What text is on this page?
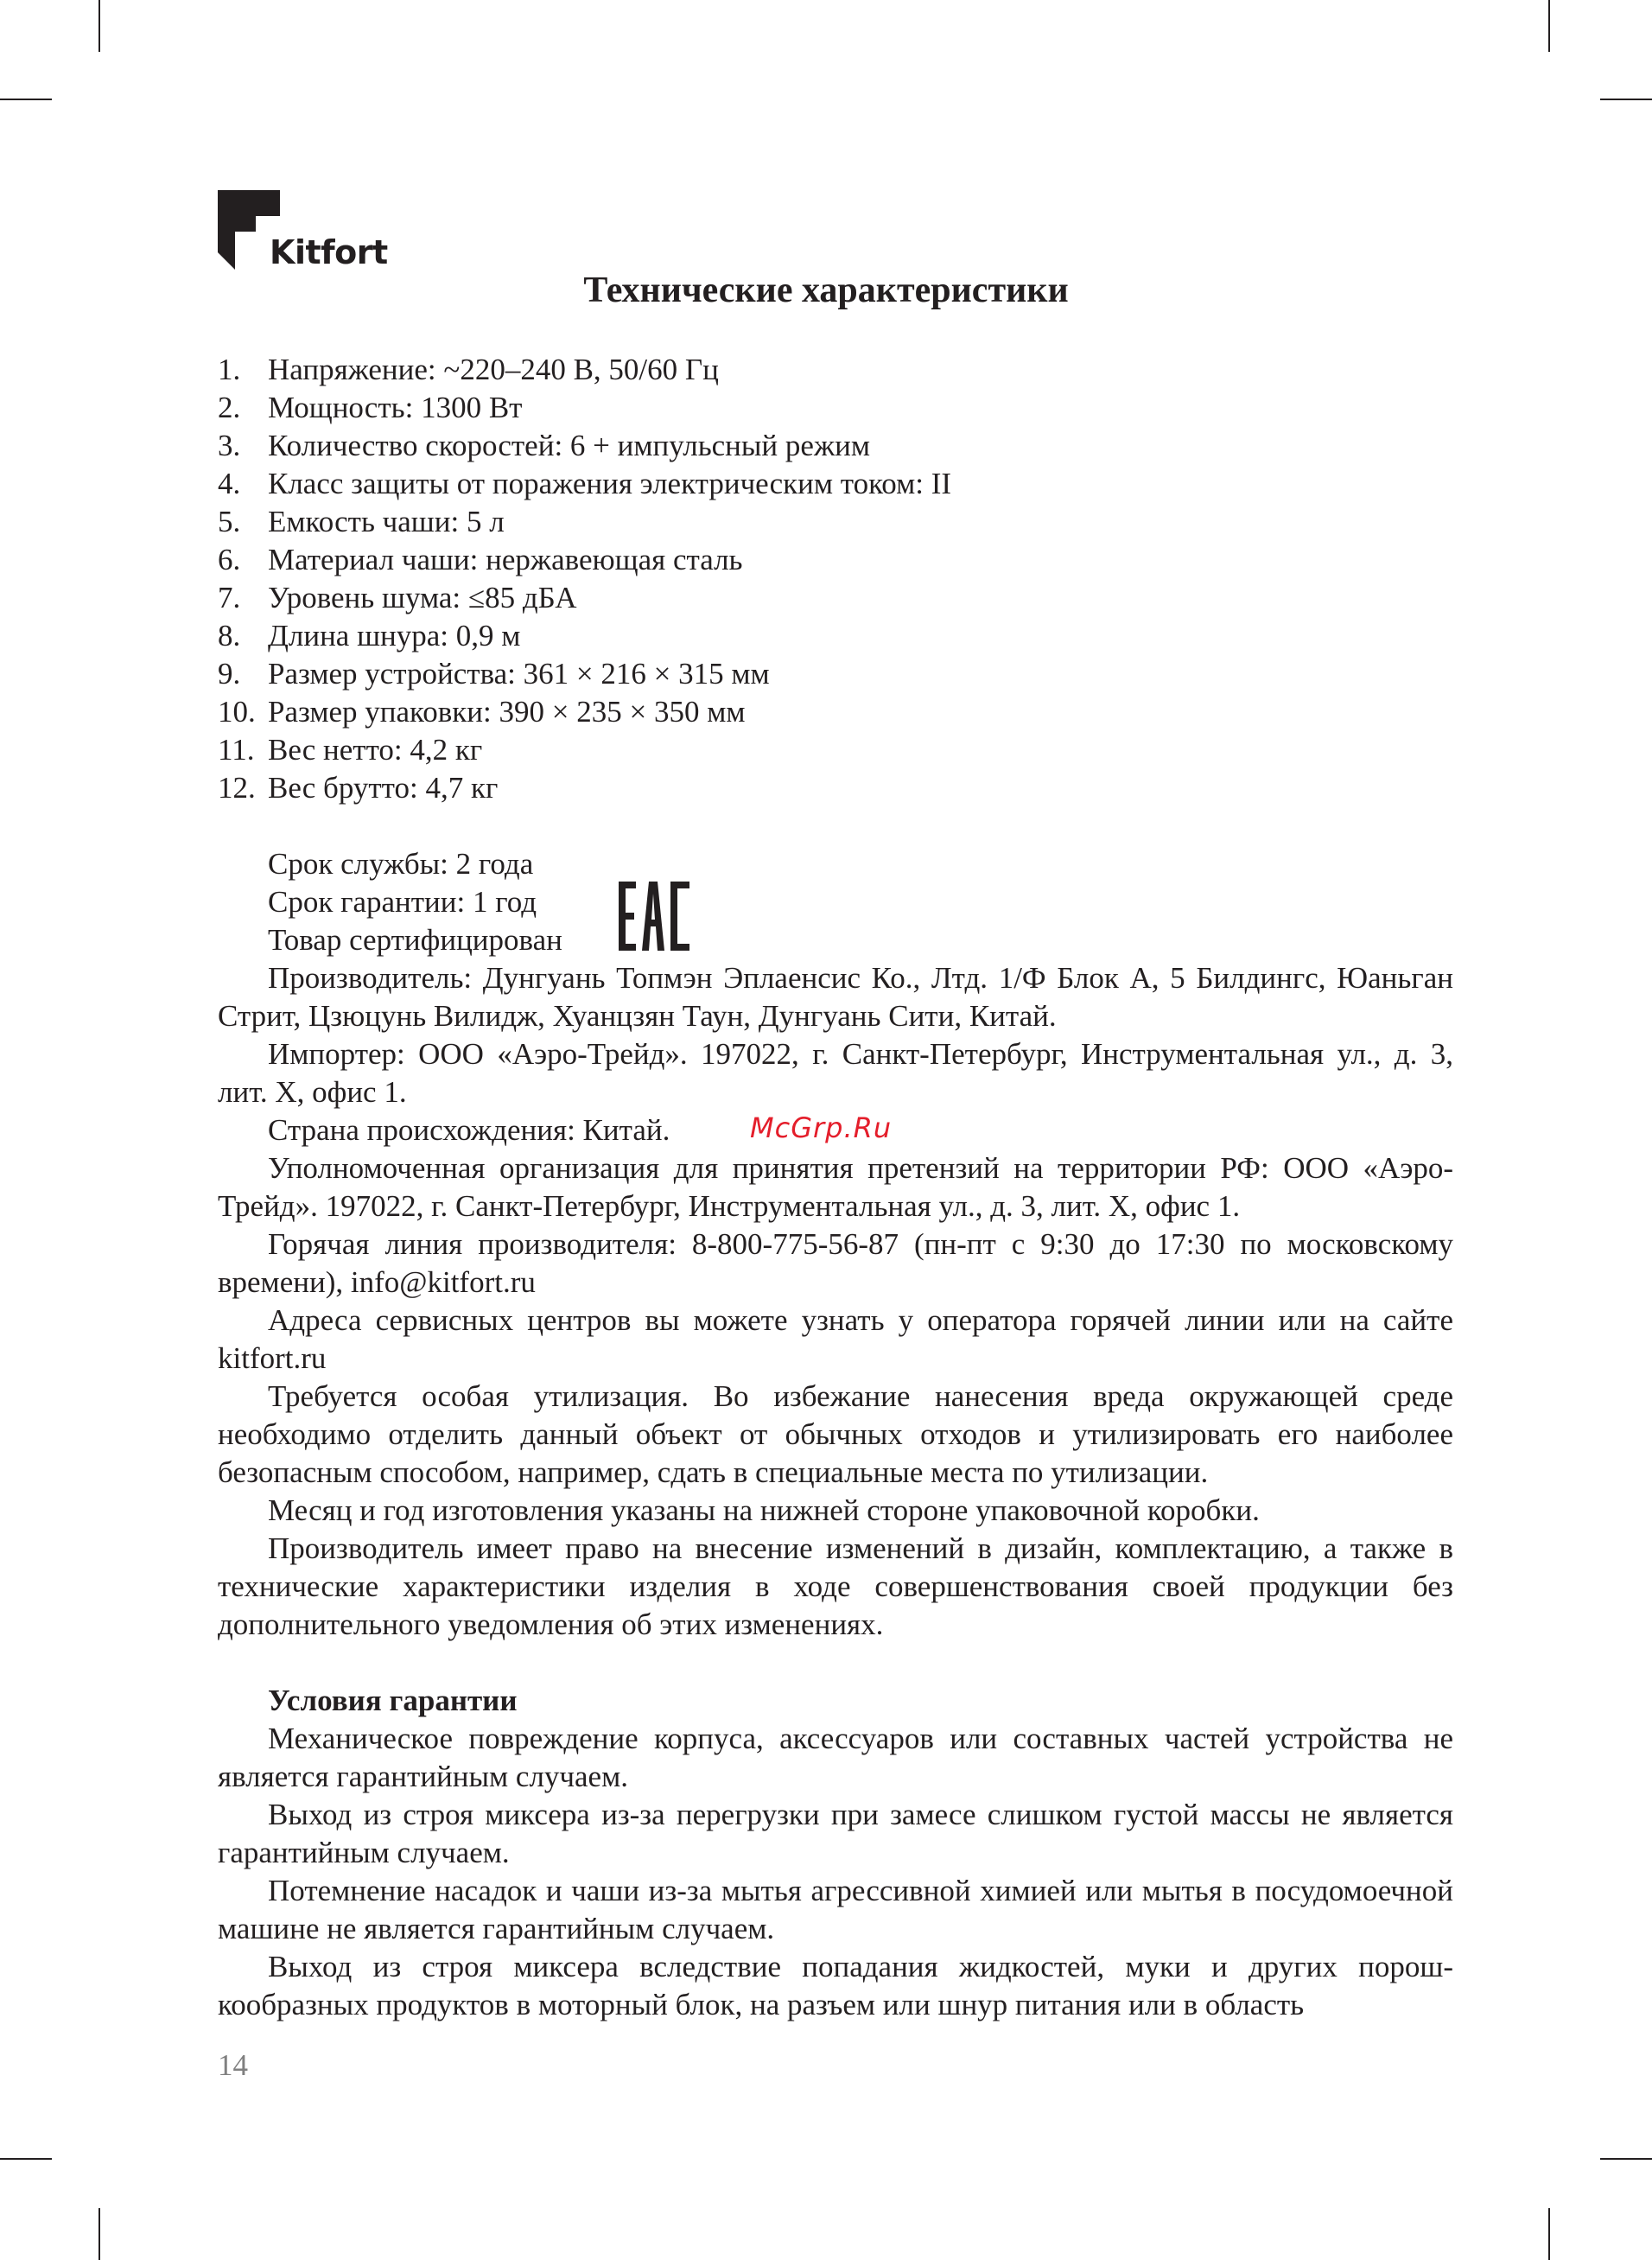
Kitfort
Технические характеристики
1. Напряжение: ~220–240 В, 50/60 Гц
2. Мощность: 1300 Вт
3. Количество скоростей: 6 + импульсный режим
4. Класс защиты от поражения электрическим током: II
5. Емкость чаши: 5 л
6. Материал чаши: нержавеющая сталь
7. Уровень шума: ≤85 дБА
8. Длина шнура: 0,9 м
9. Размер устройства: 361 × 216 × 315 мм
10. Размер упаковки: 390 × 235 × 350 мм
11. Вес нетто: 4,2 кг
12. Вес брутто: 4,7 кг
Срок службы: 2 года
Срок гарантии: 1 год
Товар сертифицирован
McGrp.Ru

Производитель: Дунгуань Топмэн Эплаенсис Ко., Лтд. 1/Ф Блок А, 5 Билдингс, Юаньган Стрит, Цзюцунь Вилидж, Хуанцзян Таун, Дунгуань Сити, Китай.

Импортер: ООО «Аэро-Трейд». 197022, г. Санкт-Петербург, Инструментальная ул., д. 3, лит. Х, офис 1.

Страна происхождения: Китай.

Уполномоченная организация для принятия претензий на территории РФ: ООО «Аэро-Трейд». 197022, г. Санкт-Петербург, Инструментальная ул., д. 3, лит. Х, офис 1.

Горячая линия производителя: 8-800-775-56-87 (пн-пт с 9:30 до 17:30 по московскому времени), info@kitfort.ru

Адреса сервисных центров вы можете узнать у оператора горячей линии или на сайте kitfort.ru

Требуется особая утилизация. Во избежание нанесения вреда окружающей среде необходимо отделить данный объект от обычных отходов и утилизировать его наиболее безопасным способом, например, сдать в специальные места по утилизации.

Месяц и год изготовления указаны на нижней стороне упаковочной коробки.

Производитель имеет право на внесение изменений в дизайн, комплектацию, а также в технические характеристики изделия в ходе совершенствования своей продукции без дополнительного уведомления об этих изменениях.

Условия гарантии

Механическое повреждение корпуса, аксессуаров или составных частей устройства не является гарантийным случаем.

Выход из строя миксера из-за перегрузки при замесе слишком густой массы не является гарантийным случаем.

Потемнение насадок и чаши из-за мытья агрессивной химией или мытья в посудомоечной машине не является гарантийным случаем.

Выход из строя миксера вследствие попадания жидкостей, муки и других порошкообразных продуктов в моторный блок, на разъем или шнур питания или в область

14
